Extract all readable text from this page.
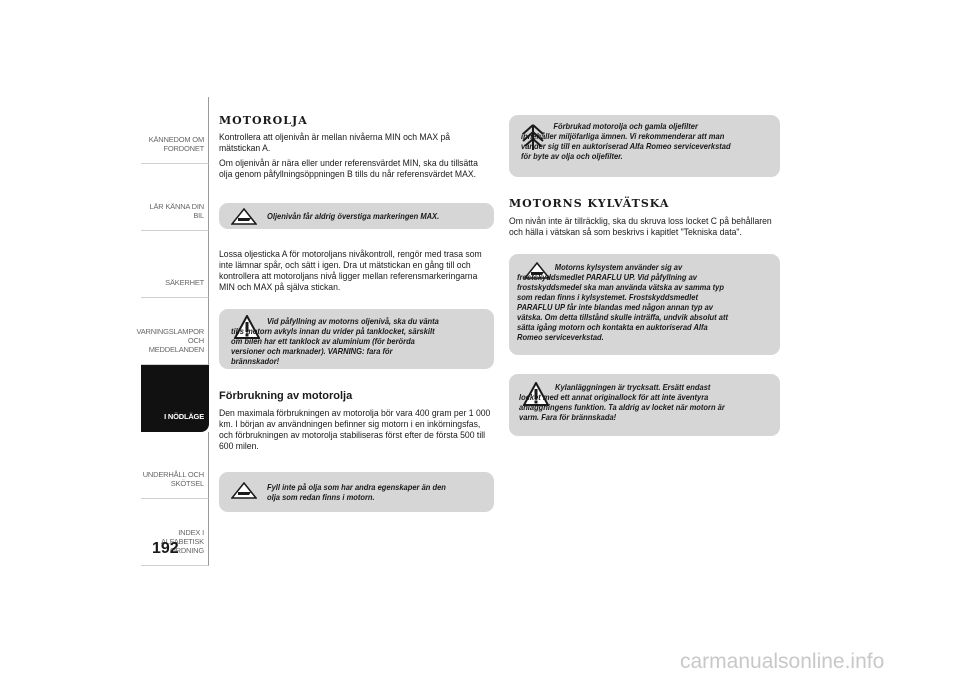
KÄNNEDOM OM
FORDONET
LÄR KÄNNA DIN BIL
SÄKERHET
VARNINGSLAMPOR
OCH MEDDELANDEN
I NÖDLÄGE
UNDERHÅLL OCH
SKÖTSEL
INDEX I ALFABETISK
ORDNING
192
MOTOROLJA
Kontrollera att oljenivån är mellan nivåerna MIN och MAX på mätstickan A.
Om oljenivån är nära eller under referensvärdet MIN, ska du tillsätta olja genom påfyllningsöppningen B tills du når referensvärdet MAX.
Oljenivån får aldrig överstiga markeringen MAX.
Lossa oljesticka A för motoroljans nivåkontroll, rengör med trasa som inte lämnar spår, och sätt i igen. Dra ut mätstickan en gång till och kontrollera att motoroljans nivå ligger mellan referensmarkeringarna MIN och MAX på själva stickan.
Vid påfyllning av motorns oljenivå, ska du vänta tills motorn avkyls innan du vrider på tanklocket, särskilt om bilen har ett tanklock av aluminium (för berörda versioner och marknader). VARNING: fara för brännskador!
Förbrukning av motorolja
Den maximala förbrukningen av motorolja bör vara 400 gram per 1 000 km. I början av användningen befinner sig motorn i en inkörningsfas, och förbrukningen av motorolja stabiliseras först efter de första 500 till 600 milen.
Fyll inte på olja som har andra egenskaper än den olja som redan finns i motorn.
Förbrukad motorolja och gamla oljefilter innehåller miljöfarliga ämnen. Vi rekommenderar att man vänder sig till en auktoriserad Alfa Romeo serviceverkstad för byte av olja och oljefilter.
MOTORNS KYLVÄTSKA
Om nivån inte är tillräcklig, ska du skruva loss locket C på behållaren och hälla i vätskan så som beskrivs i kapitlet "Tekniska data".
Motorns kylsystem använder sig av frostskyddsmedlet PARAFLU UP. Vid påfyllning av frostskyddsmedel ska man använda vätska av samma typ som redan finns i kylsystemet. Frostskyddsmedlet PARAFLU UP får inte blandas med någon annan typ av vätska. Om detta tillstånd skulle inträffa, undvik absolut att sätta igång motorn och kontakta en auktoriserad Alfa Romeo serviceverkstad.
Kylanläggningen är trycksatt. Ersätt endast locket med ett annat originallock för att inte äventyra anläggningens funktion. Ta aldrig av locket när motorn är varm. Fara för brännskada!
carmanualsonline.info
